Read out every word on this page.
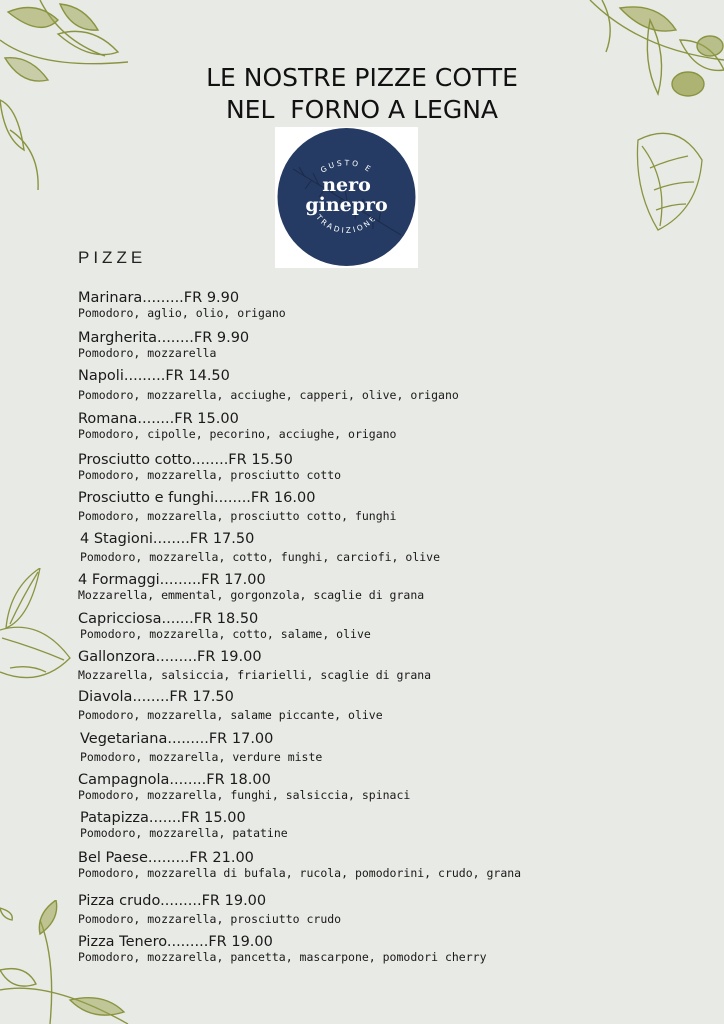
LE NOSTRE PIZZE COTTE
NEL  FORNO A LEGNA
GUSTO E
TRADIZIONE
nero
ginepro
PIZZE
Marinara.........FR 9.90
Pomodoro, aglio, olio, origano
Margherita........FR 9.90
Pomodoro, mozzarella
Napoli.........FR 14.50
Pomodoro, mozzarella, acciughe, capperi, olive, origano
Romana........FR 15.00
Pomodoro, cipolle, pecorino, acciughe, origano
Prosciutto cotto........FR 15.50
Pomodoro, mozzarella, prosciutto cotto
Prosciutto e funghi........FR 16.00
Pomodoro, mozzarella, prosciutto cotto, funghi
4 Stagioni........FR 17.50
Pomodoro, mozzarella, cotto, funghi, carciofi, olive
4 Formaggi.........FR 17.00
Mozzarella, emmental, gorgonzola, scaglie di grana
Capricciosa.......FR 18.50
Pomodoro, mozzarella, cotto, salame, olive
Gallonzora.........FR 19.00
Mozzarella, salsiccia, friarielli, scaglie di grana
Diavola........FR 17.50
Pomodoro, mozzarella, salame piccante, olive
Vegetariana.........FR 17.00
Pomodoro, mozzarella, verdure miste
Campagnola........FR 18.00
Pomodoro, mozzarella, funghi, salsiccia, spinaci
Patapizza.......FR 15.00
Pomodoro, mozzarella, patatine
Bel Paese.........FR 21.00
Pomodoro, mozzarella di bufala, rucola, pomodorini, crudo, grana
Pizza crudo.........FR 19.00
Pomodoro, mozzarella, prosciutto crudo
Pizza Tenero.........FR 19.00
Pomodoro, mozzarella, pancetta, mascarpone, pomodori cherry
